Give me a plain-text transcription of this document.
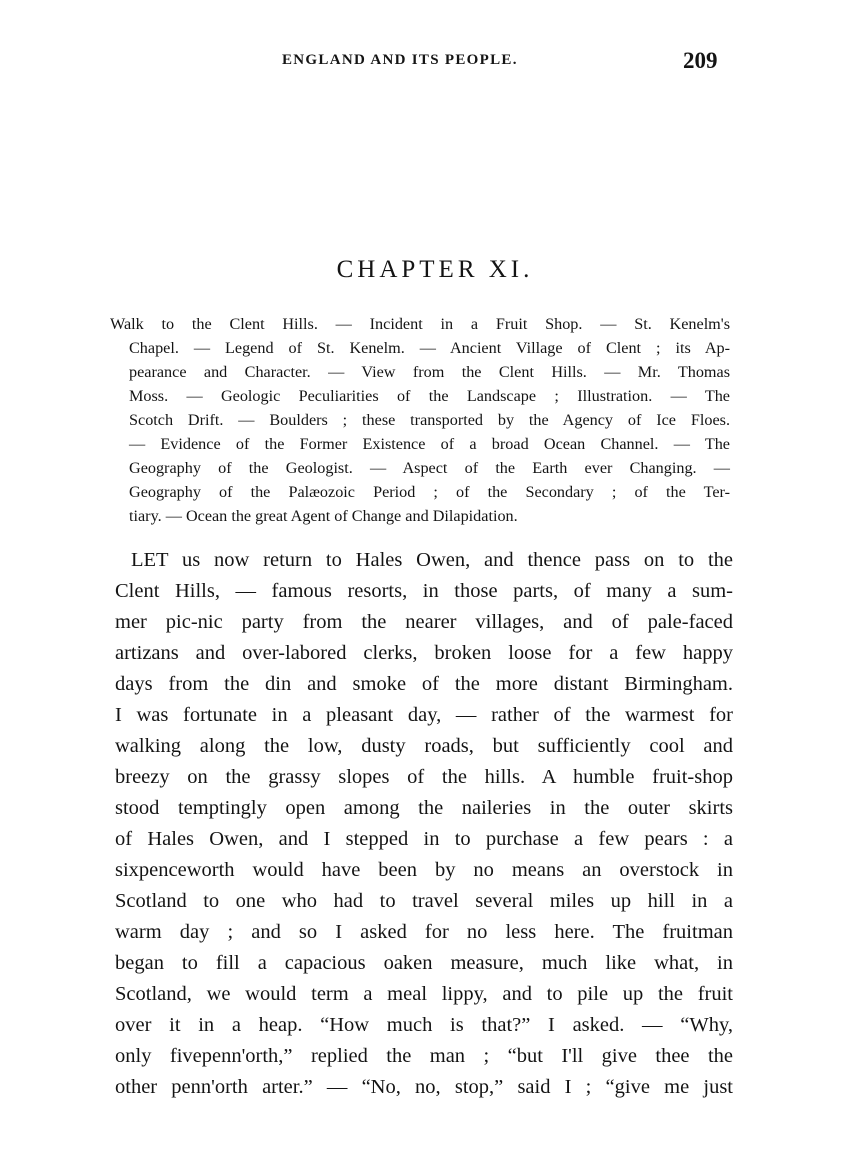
ENGLAND AND ITS PEOPLE.	209
CHAPTER XI.
Walk to the Clent Hills. — Incident in a Fruit Shop. — St. Kenelm's
Chapel. — Legend of St. Kenelm. — Ancient Village of Clent ; its Ap-
pearance and Character. — View from the Clent Hills. — Mr. Thomas
Moss. — Geologic Peculiarities of the Landscape ; Illustration. — The
Scotch Drift. — Boulders ; these transported by the Agency of Ice Floes.
— Evidence of the Former Existence of a broad Ocean Channel. — The
Geography of the Geologist. — Aspect of the Earth ever Changing. —
Geography of the Palæozoic Period ; of the Secondary ; of the Ter-
tiary. — Ocean the great Agent of Change and Dilapidation.
LET us now return to Hales Owen, and thence pass on to the
Clent Hills, — famous resorts, in those parts, of many a sum-
mer pic-nic party from the nearer villages, and of pale-faced
artizans and over-labored clerks, broken loose for a few happy
days from the din and smoke of the more distant Birmingham.
I was fortunate in a pleasant day, — rather of the warmest for
walking along the low, dusty roads, but sufficiently cool and
breezy on the grassy slopes of the hills. A humble fruit-shop
stood temptingly open among the naileries in the outer skirts
of Hales Owen, and I stepped in to purchase a few pears : a
sixpenceworth would have been by no means an overstock in
Scotland to one who had to travel several miles up hill in a
warm day ; and so I asked for no less here. The fruitman
began to fill a capacious oaken measure, much like what, in
Scotland, we would term a meal lippy, and to pile up the fruit
over it in a heap. “How much is that?” I asked. — “Why,
only fivepenn'orth,” replied the man ; “but I'll give thee the
other penn'orth arter.” — “No, no, stop,” said I ; “give me just
